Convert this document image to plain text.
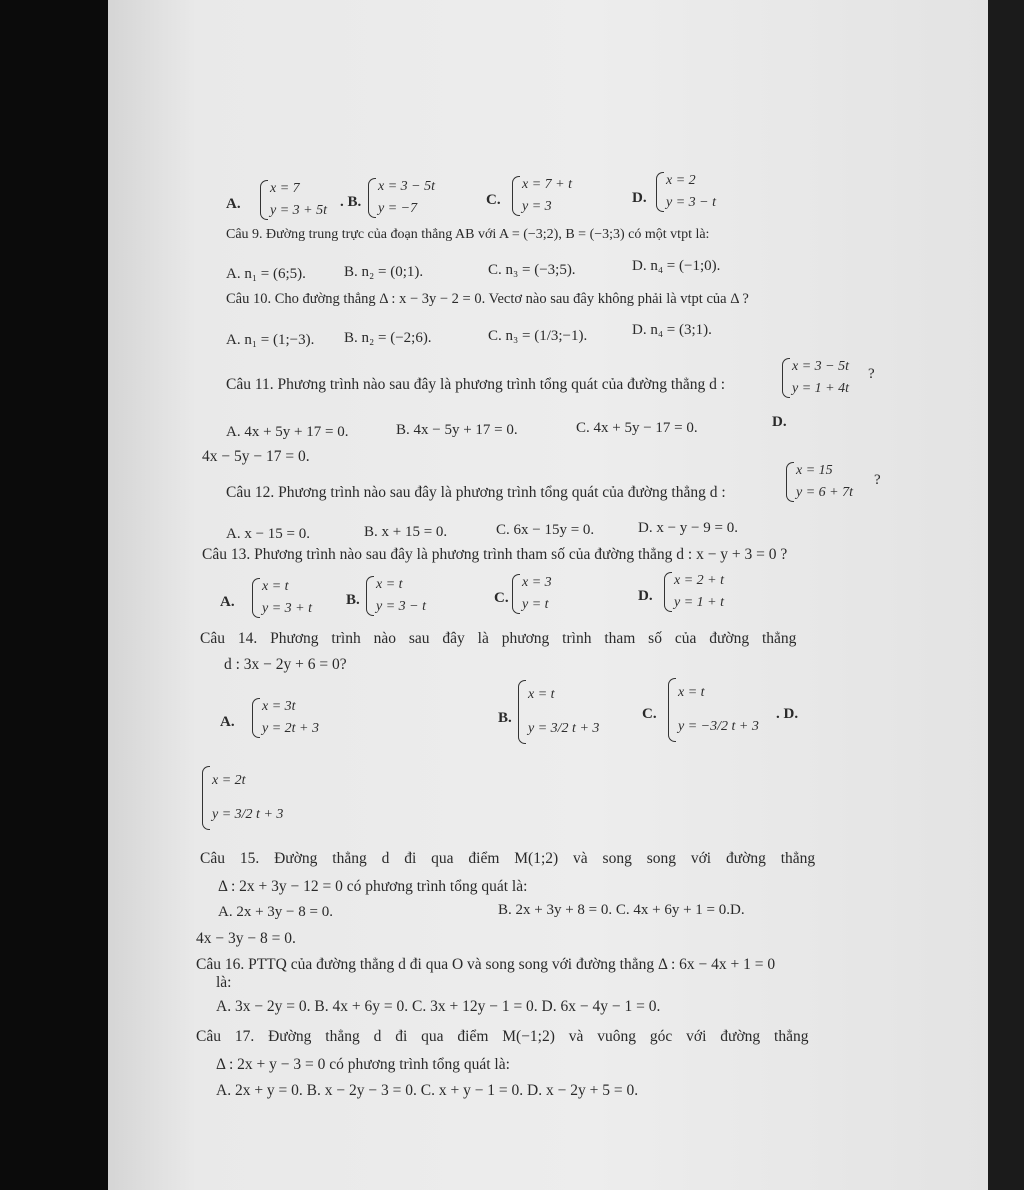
A.
x = 7
y = 3 + 5t
. B.
x = 3 − 5t
y = −7
C.
x = 7 + t
y = 3
D.
x = 2
y = 3 − t
Câu 9. Đường trung trực của đoạn thẳng AB với A = (−3;2), B = (−3;3) có một vtpt là:
A. n₁ = (6;5).	B. n₂ = (0;1).	C. n₃ = (−3;5).	D. n₄ = (−1;0).
Câu 10. Cho đường thẳng Δ : x − 3y − 2 = 0. Vectơ nào sau đây không phải là vtpt của Δ ?
A. n₁ = (1;−3). B. n₂ = (−2;6).	C. n₃ = (1/3;−1).	D. n₄ = (3;1).
Câu 11. Phương trình nào sau đây là phương trình tổng quát của đường thẳng d :
x = 3 − 5t
y = 1 + 4t
?
A. 4x + 5y + 17 = 0.	B. 4x − 5y + 17 = 0.	C. 4x + 5y − 17 = 0.	D.
4x − 5y − 17 = 0.
Câu 12. Phương trình nào sau đây là phương trình tổng quát của đường thẳng d :
x = 15
y = 6 + 7t
?
A. x − 15 = 0.	B. x + 15 = 0.	C. 6x − 15y = 0.	D. x − y − 9 = 0.
Câu 13. Phương trình nào sau đây là phương trình tham số của đường thẳng d : x − y + 3 = 0 ?
A.
x = t
y = 3 + t
B.
x = t
y = 3 − t
C.
x = 3
y = t
D.
x = 2 + t
y = 1 + t
Câu 14. Phương trình nào sau đây là phương trình tham số của đường thẳng
d : 3x − 2y + 6 = 0?
A.
x = 3t
y = 2t + 3
B.
x = t
y = 3/2 t + 3
C.
x = t
y = −3/2 t + 3
. D.
x = 2t
y = 3/2 t + 3
Câu 15. Đường thẳng d đi qua điểm M(1;2) và song song với đường thẳng
Δ : 2x + 3y − 12 = 0 có phương trình tổng quát là:
A. 2x + 3y − 8 = 0.	B. 2x + 3y + 8 = 0. C. 4x + 6y + 1 = 0.D.
4x − 3y − 8 = 0.
Câu 16. PTTQ của đường thẳng d đi qua O và song song với đường thẳng Δ : 6x − 4x + 1 = 0
là:
A. 3x − 2y = 0. B. 4x + 6y = 0. C. 3x + 12y − 1 = 0. D. 6x − 4y − 1 = 0.
Câu 17. Đường thẳng d đi qua điểm M(−1;2) và vuông góc với đường thẳng
Δ : 2x + y − 3 = 0 có phương trình tổng quát là:
A. 2x + y = 0. B. x − 2y − 3 = 0. C. x + y − 1 = 0. D. x − 2y + 5 = 0.
